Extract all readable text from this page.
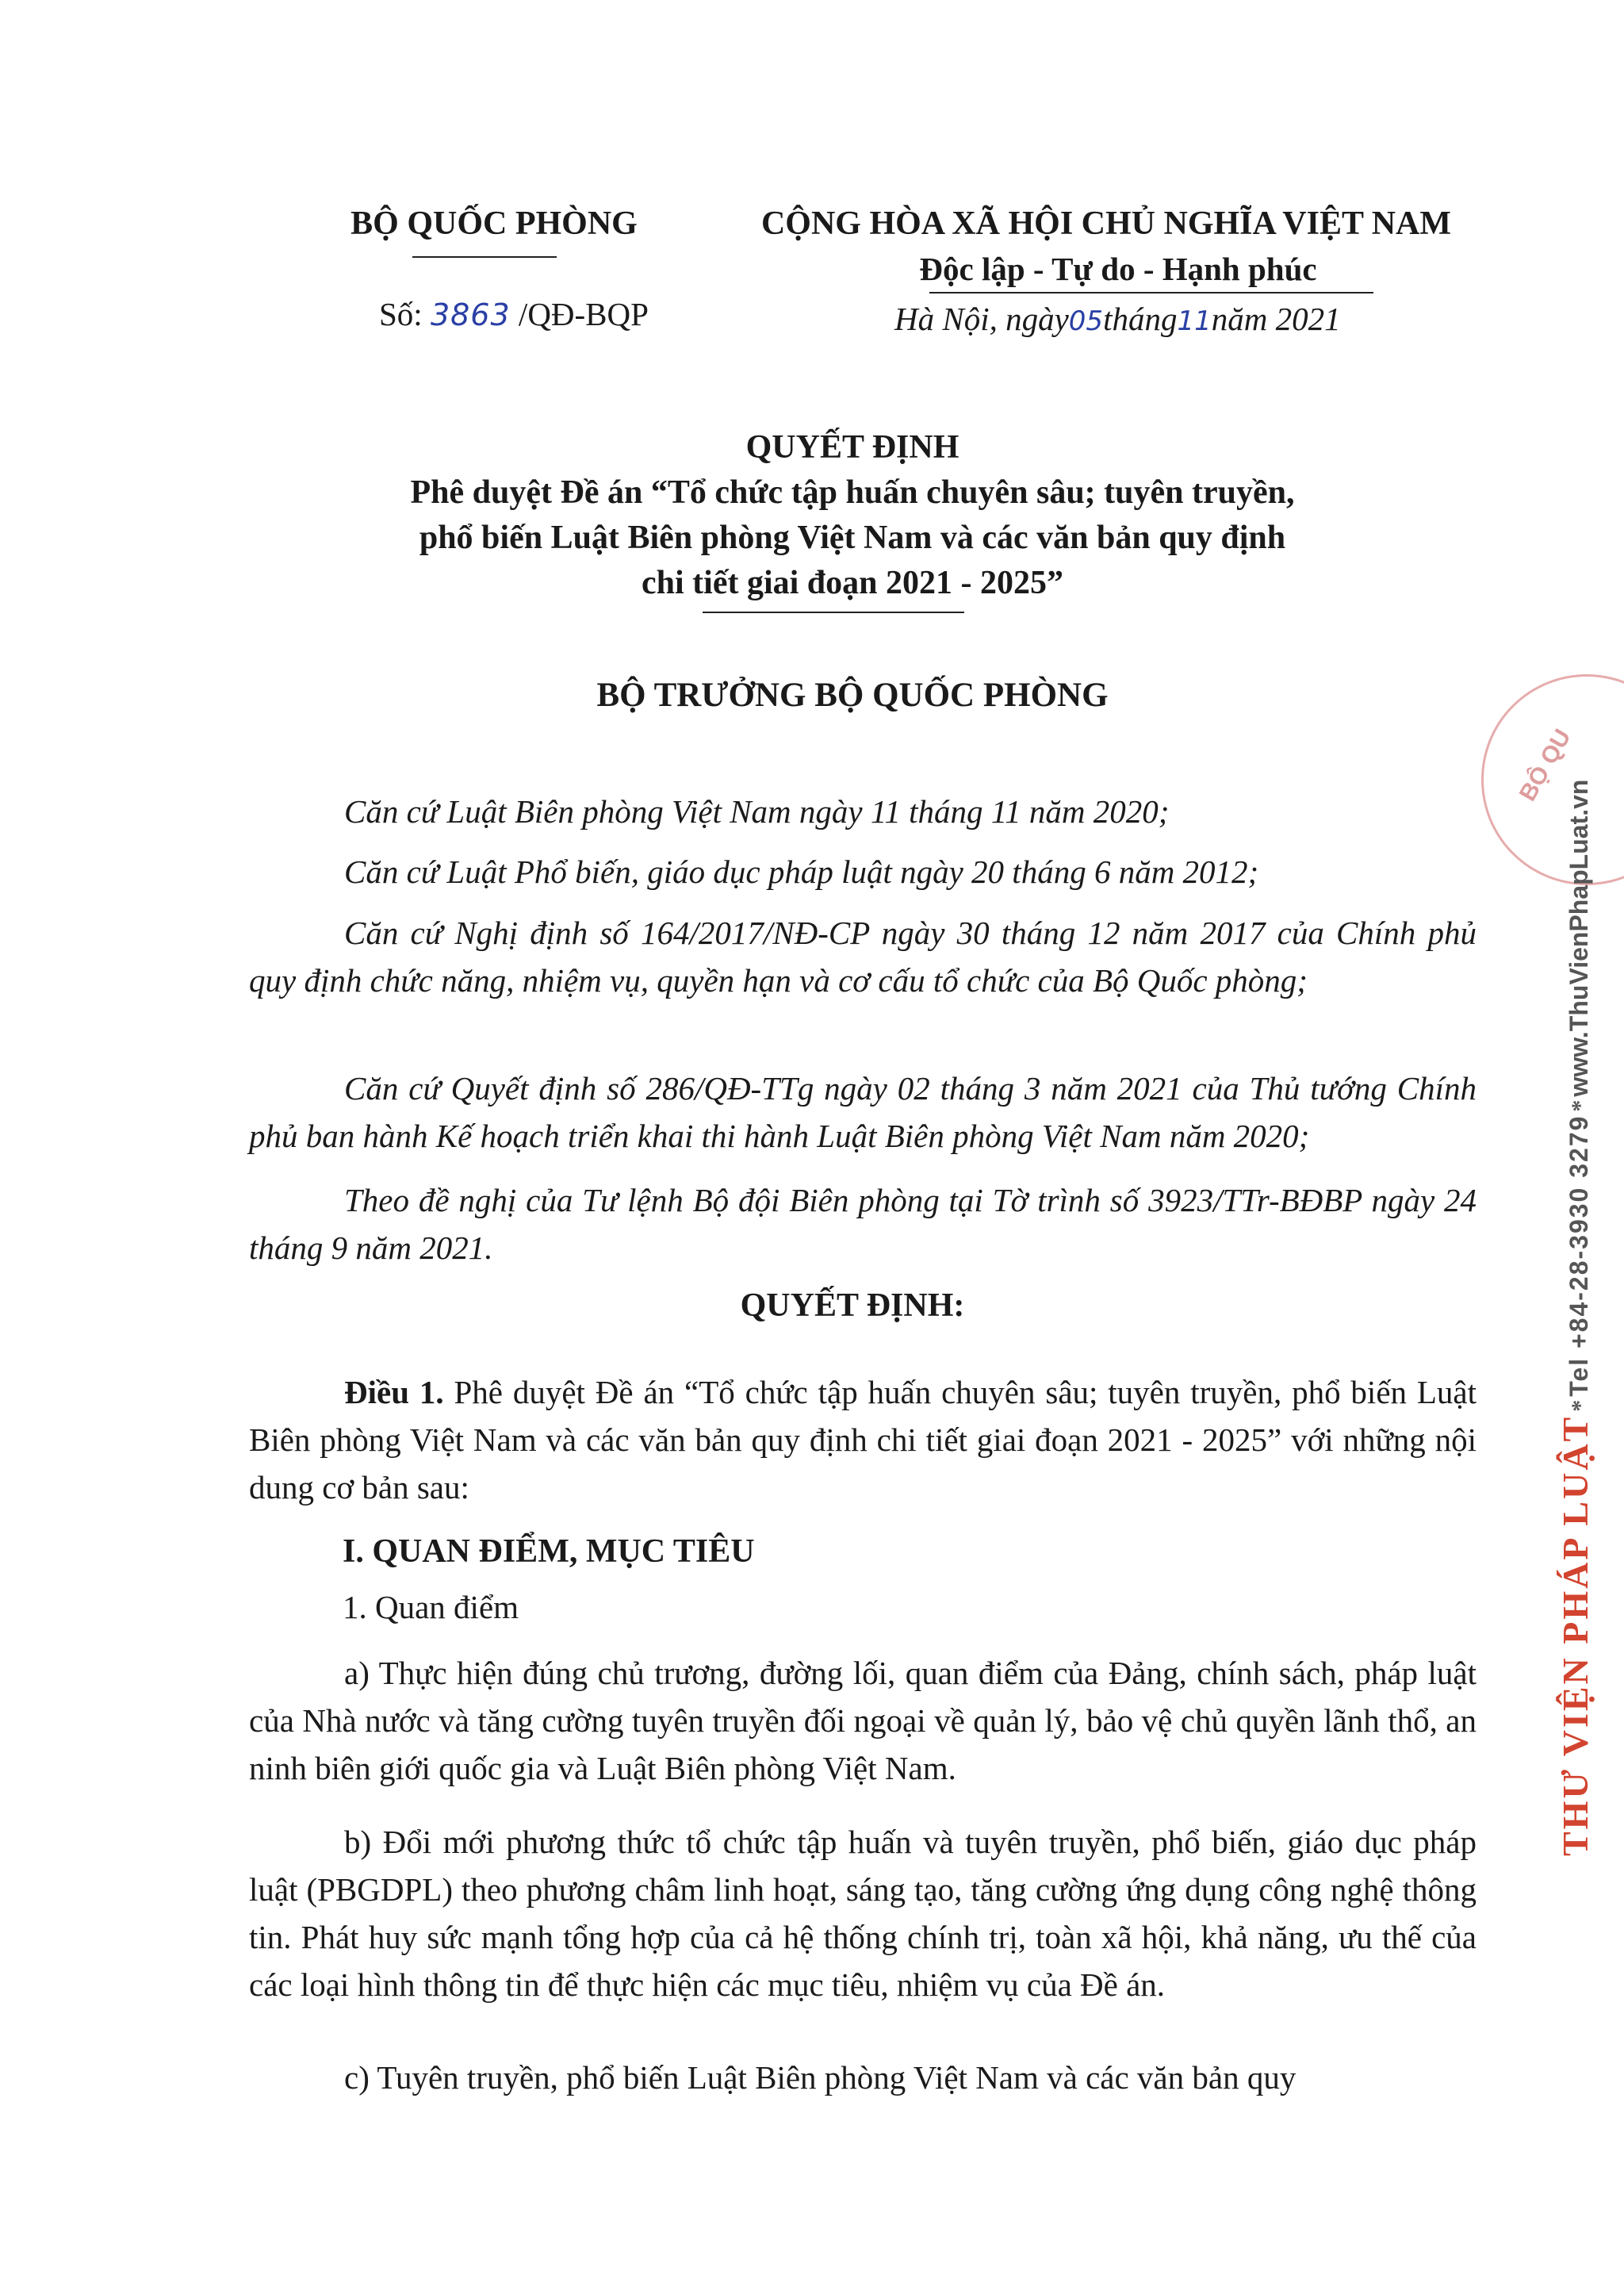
BỘ QUỐC PHÒNG	CỘNG HÒA XÃ HỘI CHỦ NGHĨA VIỆT NAM
Độc lập - Tự do - Hạnh phúc
Số: 3863 /QĐ-BQP	Hà Nội, ngày05tháng11năm 2021
QUYẾT ĐỊNH
Phê duyệt Đề án “Tổ chức tập huấn chuyên sâu; tuyên truyền,
phổ biến Luật Biên phòng Việt Nam và các văn bản quy định
chi tiết giai đoạn 2021 - 2025”
BỘ TRƯỞNG BỘ QUỐC PHÒNG

Căn cứ Luật Biên phòng Việt Nam ngày 11 tháng 11 năm 2020;

Căn cứ Luật Phổ biến, giáo dục pháp luật ngày 20 tháng 6 năm 2012;

Căn cứ Nghị định số 164/2017/NĐ-CP ngày 30 tháng 12 năm 2017 của Chính phủ quy định chức năng, nhiệm vụ, quyền hạn và cơ cấu tổ chức của Bộ Quốc phòng;

Căn cứ Quyết định số 286/QĐ-TTg ngày 02 tháng 3 năm 2021 của Thủ tướng Chính phủ ban hành Kế hoạch triển khai thi hành Luật Biên phòng Việt Nam năm 2020;

Theo đề nghị của Tư lệnh Bộ đội Biên phòng tại Tờ trình số 3923/TTr-BĐBP ngày 24 tháng 9 năm 2021.

QUYẾT ĐỊNH:

Điều 1. Phê duyệt Đề án “Tổ chức tập huấn chuyên sâu; tuyên truyền, phổ biến Luật Biên phòng Việt Nam và các văn bản quy định chi tiết giai đoạn 2021 - 2025” với những nội dung cơ bản sau:

I. QUAN ĐIỂM, MỤC TIÊU
1. Quan điểm

a) Thực hiện đúng chủ trương, đường lối, quan điểm của Đảng, chính sách, pháp luật của Nhà nước và tăng cường tuyên truyền đối ngoại về quản lý, bảo vệ chủ quyền lãnh thổ, an ninh biên giới quốc gia và Luật Biên phòng Việt Nam.

b) Đổi mới phương thức tổ chức tập huấn và tuyên truyền, phổ biến, giáo dục pháp luật (PBGDPL) theo phương châm linh hoạt, sáng tạo, tăng cường ứng dụng công nghệ thông tin. Phát huy sức mạnh tổng hợp của cả hệ thống chính trị, toàn xã hội, khả năng, ưu thế của các loại hình thông tin để thực hiện các mục tiêu, nhiệm vụ của Đề án.

c) Tuyên truyền, phổ biến Luật Biên phòng Việt Nam và các văn bản quy

BỘ QU
THƯ VIỆN PHÁP LUẬT * Tel +84-28-3930 3279 * www.ThuVienPhapLuat.vn
